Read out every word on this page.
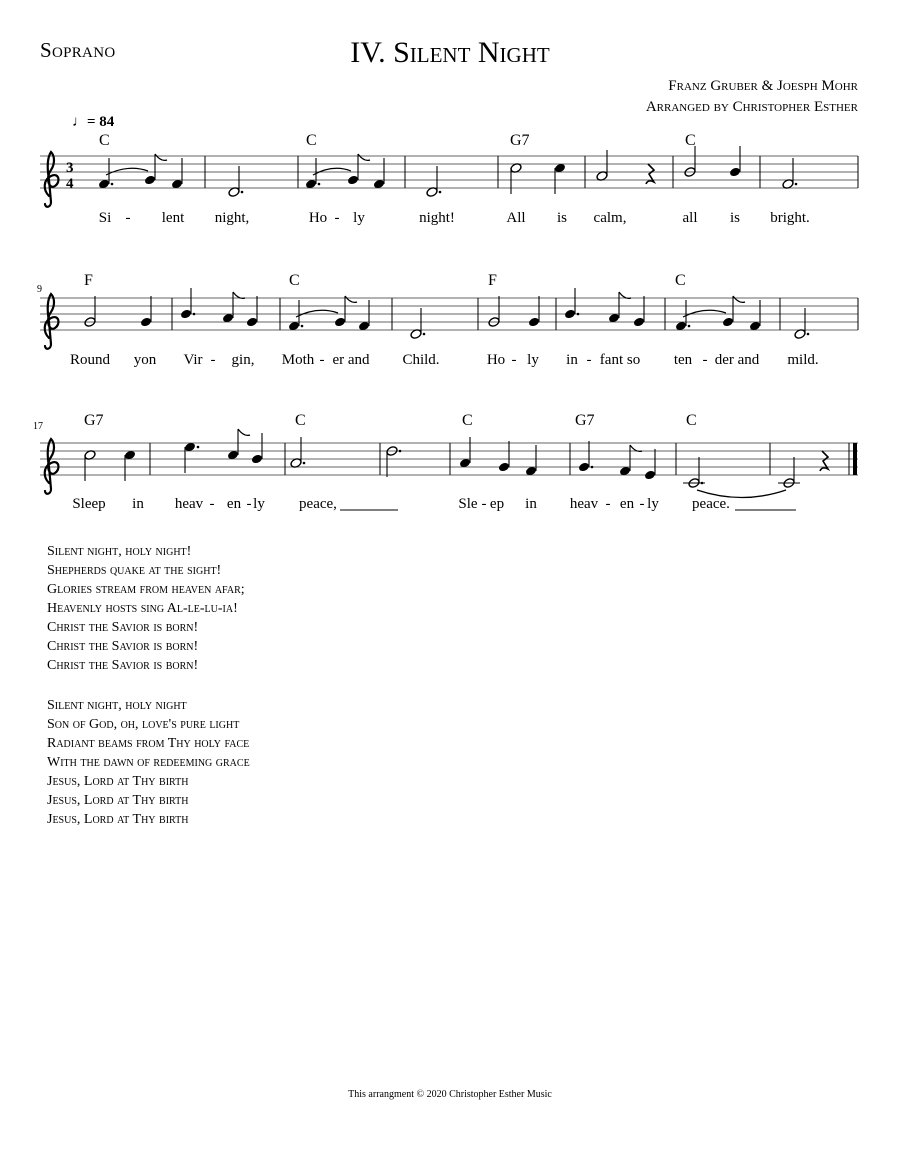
Soprano	IV. Silent Night
Franz Gruber & Joesph Mohr
Arranged by Christopher Esther
♩= 84
3
4
9
17
C	C	G7	C
F	C	F	C
G7	C	C	G7	C
Si - lent night,	Ho - ly	night!	All is calm,	all is bright.
Round yon Vir - gin, Moth - er and Child.	Ho - ly in - fant so ten - der and mild.
Sleep in heav - en - ly peace,	Sle - ep in heav - en - ly peace.
Silent night, holy night!
Shepherds quake at the sight!
Glories stream from heaven afar;
Heavenly hosts sing Al-le-lu-ia!
Christ the Savior is born!
Christ the Savior is born!
Christ the Savior is born!
Silent night, holy night
Son of God, oh, love's pure light
Radiant beams from Thy holy face
With the dawn of redeeming grace
Jesus, Lord at Thy birth
Jesus, Lord at Thy birth
Jesus, Lord at Thy birth
This arrangment © 2020 Christopher Esther Music
